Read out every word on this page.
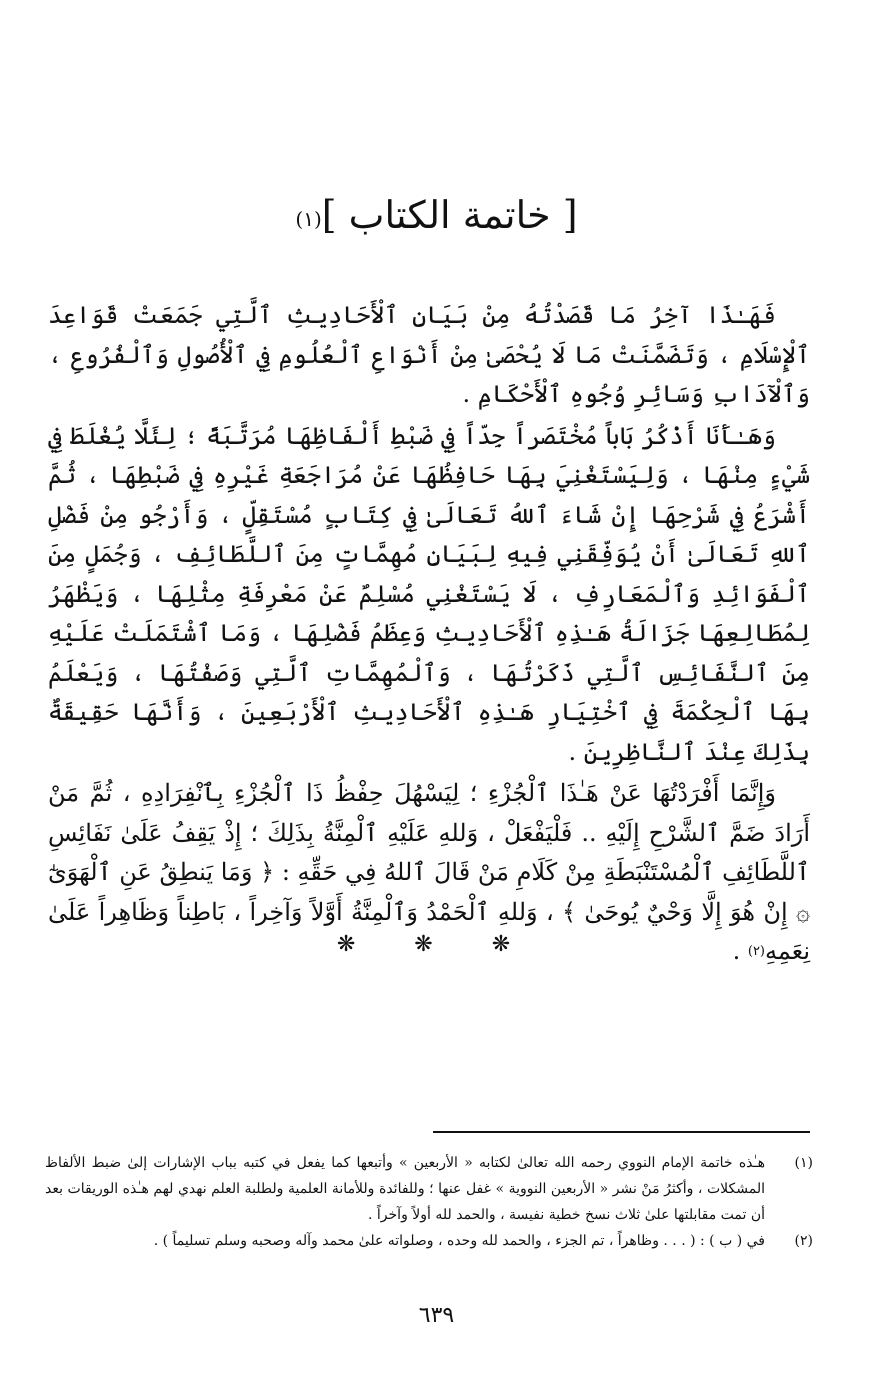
[ خاتمة الكتاب ]$^{(١)}$

فَهَـٰذَا آخِرُ مَا قَصَدْتُهُ مِنْ بَيَانِ ٱلْأَحَادِيثِ ٱلَّتِي جَمَعَتْ قَوَاعِدَ ٱلْإِسْلَامِ ، وَتَضَمَّنَتْ مَا لَا يُحْصَىٰ مِنْ أَنْوَاعِ ٱلْعُلُومِ فِي ٱلْأُصُولِ وَٱلْفُرُوعِ ، وَٱلْآدَابِ وَسَائِرِ وُجُوهِ ٱلْأَحْكَامِ .

وَهَـٰأَنَا أَذْكُرُ بَاباً مُخْتَصَراً جِدّاً فِي ضَبْطِ أَلْفَاظِهَا مُرَتَّبَةً ؛ لِئَلَّا يُغْلَطَ فِي شَيْءٍ مِنْهَا ، وَلِيَسْتَغْنِيَ بِهَا حَافِظُهَا عَنْ مُرَاجَعَةِ غَيْرِهِ فِي ضَبْطِهَا ، ثُمَّ أَشْرَعُ فِي شَرْحِهَا إِنْ شَاءَ ٱللهُ تَعَالَىٰ فِي كِتَابٍ مُسْتَقِلٍّ ، وَأَرْجُو مِنْ فَضْلِ ٱللهِ تَعَالَىٰ أَنْ يُوَفِّقَنِي فِيهِ لِبَيَانِ مُهِمَّاتٍ مِنَ ٱللَّطَائِفِ ، وَجُمَلٍ مِنَ ٱلْفَوَائِدِ وَٱلْمَعَارِفِ ، لَا يَسْتَغْنِي مُسْلِمٌ عَنْ مَعْرِفَةِ مِثْلِهَا ، وَيَظْهَرُ لِمُطَالِعِهَا جَزَالَةُ هَـٰذِهِ ٱلْأَحَادِيثِ وَعِظَمُ فَضْلِهَا ، وَمَا ٱشْتَمَلَتْ عَلَيْهِ مِنَ ٱلنَّفَائِسِ ٱلَّتِي ذَكَرْتُهَا ، وَٱلْمُهِمَّاتِ ٱلَّتِي وَصَفْتُهَا ، وَيَعْلَمُ بِهَا ٱلْحِكْمَةَ فِي ٱخْتِيَارِ هَـٰذِهِ ٱلْأَحَادِيثِ ٱلْأَرْبَعِينَ ، وَأَنَّهَا حَقِيقَةٌ بِذَلِكَ عِنْدَ ٱلنَّاظِرِينَ .

وَإِنَّمَا أَفْرَدْتُهَا عَنْ هَـٰذَا ٱلْجُزْءِ ؛ لِيَسْهُلَ حِفْظُ ذَا ٱلْجُزْءِ بِٱنْفِرَادِهِ ، ثُمَّ مَنْ أَرَادَ ضَمَّ ٱلشَّرْحِ إِلَيْهِ .. فَلْيَفْعَلْ ، وَللهِ عَلَيْهِ ٱلْمِنَّةُ بِذَلِكَ ؛ إِذْ يَقِفُ عَلَىٰ نَفَائِسِ ٱللَّطَائِفِ ٱلْمُسْتَنْبَطَةِ مِنْ كَلَامِ مَنْ قَالَ ٱللهُ فِي حَقِّهِ : ﴿ وَمَا يَنطِقُ عَنِ ٱلْهَوَىٰٓ ۞ إِنْ هُوَ إِلَّا وَحْيٌ يُوحَىٰ ﴾ ، وَللهِ ٱلْحَمْدُ وَٱلْمِنَّةُ أَوَّلاً وَآخِراً ، بَاطِناً وَظَاهِراً عَلَىٰ نِعَمِهِ$^{(٢)}$ .

❋ ❋ ❋
(١)
هـٰذه خاتمة الإمام النووي رحمه الله تعالىٰ لكتابه « الأربعين » وأتبعها كما يفعل في كتبه بباب الإشارات إلىٰ ضبط الألفاظ المشكلات ، وأكثرُ مَنْ نشر « الأربعين النووية » غفل عنها ؛ وللفائدة وللأمانة العلمية ولطلبة العلم نهدي لهم هـٰذه الوريقات بعد أن تمت مقابلتها علىٰ ثلاث نسخ خطية نفيسة ، والحمد لله أولاً وآخراً .
(٢)
في ( ب ) : ( . . . وظاهراً ، تم الجزء ، والحمد لله وحده ، وصلواته علىٰ محمد وآله وصحبه وسلم تسليماً ) .
٦٣٩
